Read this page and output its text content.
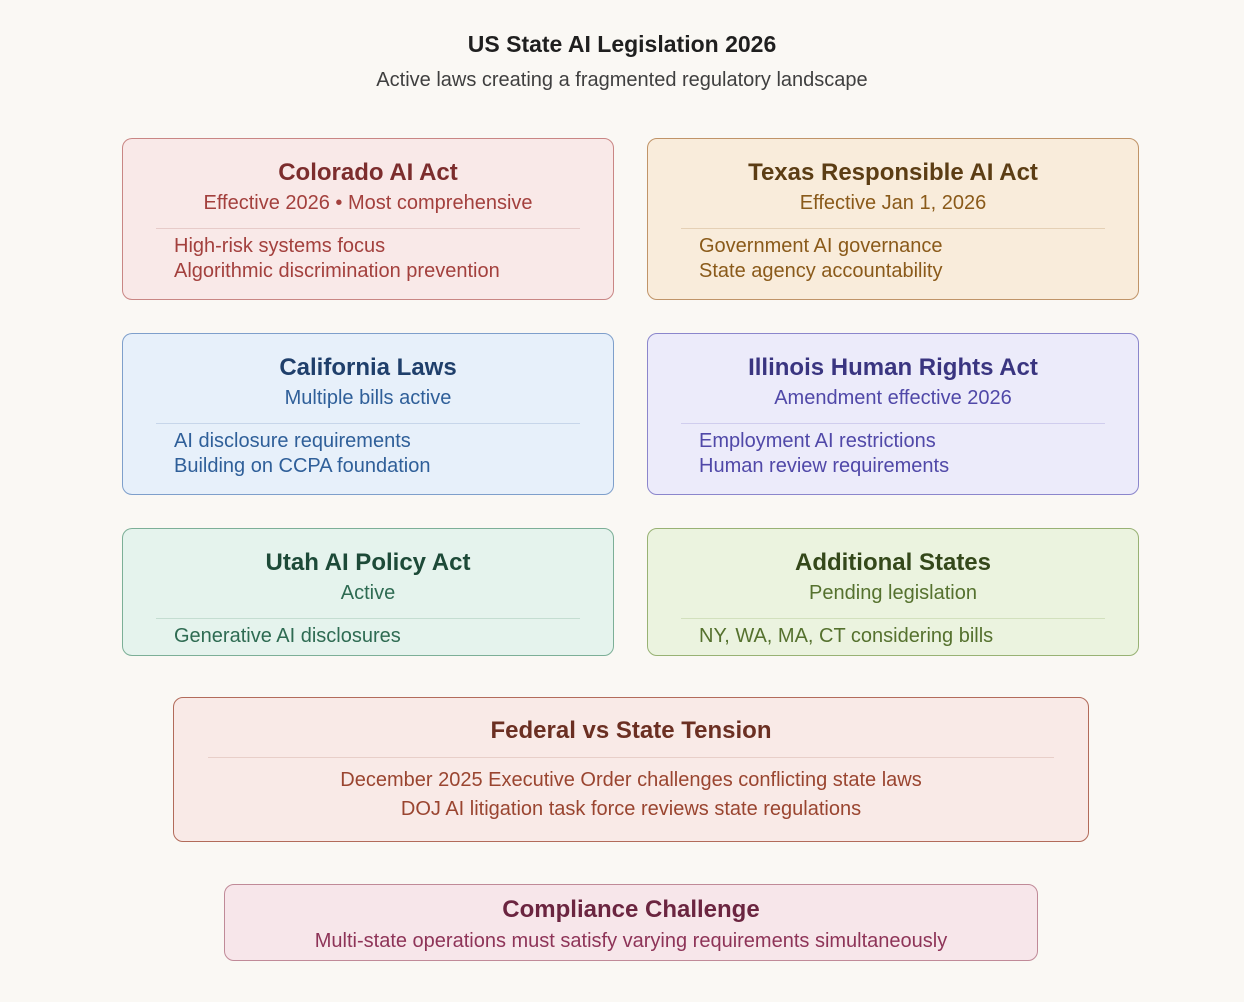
US State AI Legislation 2026
Active laws creating a fragmented regulatory landscape
Colorado AI Act
Effective 2026 • Most comprehensive
High-risk systems focus
Algorithmic discrimination prevention
Texas Responsible AI Act
Effective Jan 1, 2026
Government AI governance
State agency accountability
California Laws
Multiple bills active
AI disclosure requirements
Building on CCPA foundation
Illinois Human Rights Act
Amendment effective 2026
Employment AI restrictions
Human review requirements
Utah AI Policy Act
Active
Generative AI disclosures
Additional States
Pending legislation
NY, WA, MA, CT considering bills
Federal vs State Tension
December 2025 Executive Order challenges conflicting state laws
DOJ AI litigation task force reviews state regulations
Compliance Challenge
Multi-state operations must satisfy varying requirements simultaneously
